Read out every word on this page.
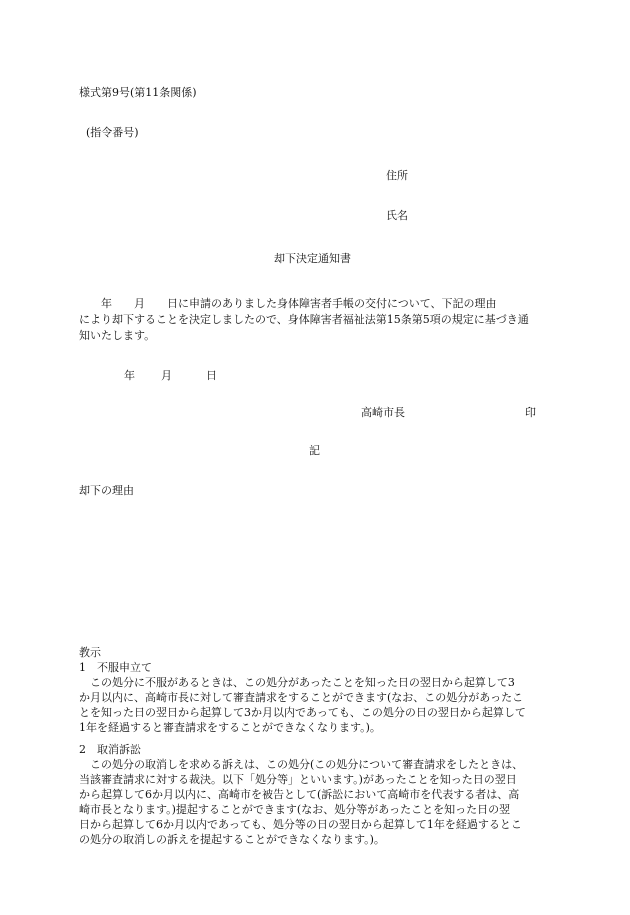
様式第9号(第11条関係)
(指令番号)
住所
氏名
却下決定通知書
　　年　　月　　日に申請のありました身体障害者手帳の交付について、下記の理由
により却下することを決定しましたので、身体障害者福祉法第15条第5項の規定に基づき通
知いたします。
年 月	日
高崎市長	印
記
却下の理由
教示
1　不服申立て
　この処分に不服があるときは、この処分があったことを知った日の翌日から起算して3
か月以内に、高崎市長に対して審査請求をすることができます(なお、この処分があったこ
とを知った日の翌日から起算して3か月以内であっても、この処分の日の翌日から起算して
1年を経過すると審査請求をすることができなくなります。)。
2　取消訴訟
　この処分の取消しを求める訴えは、この処分(この処分について審査請求をしたときは、
当該審査請求に対する裁決。以下「処分等」といいます。)があったことを知った日の翌日
から起算して6か月以内に、高崎市を被告として(訴訟において高崎市を代表する者は、高
崎市長となります。)提起することができます(なお、処分等があったことを知った日の翌
日から起算して6か月以内であっても、処分等の日の翌日から起算して1年を経過するとこ
の処分の取消しの訴えを提起することができなくなります。)。
